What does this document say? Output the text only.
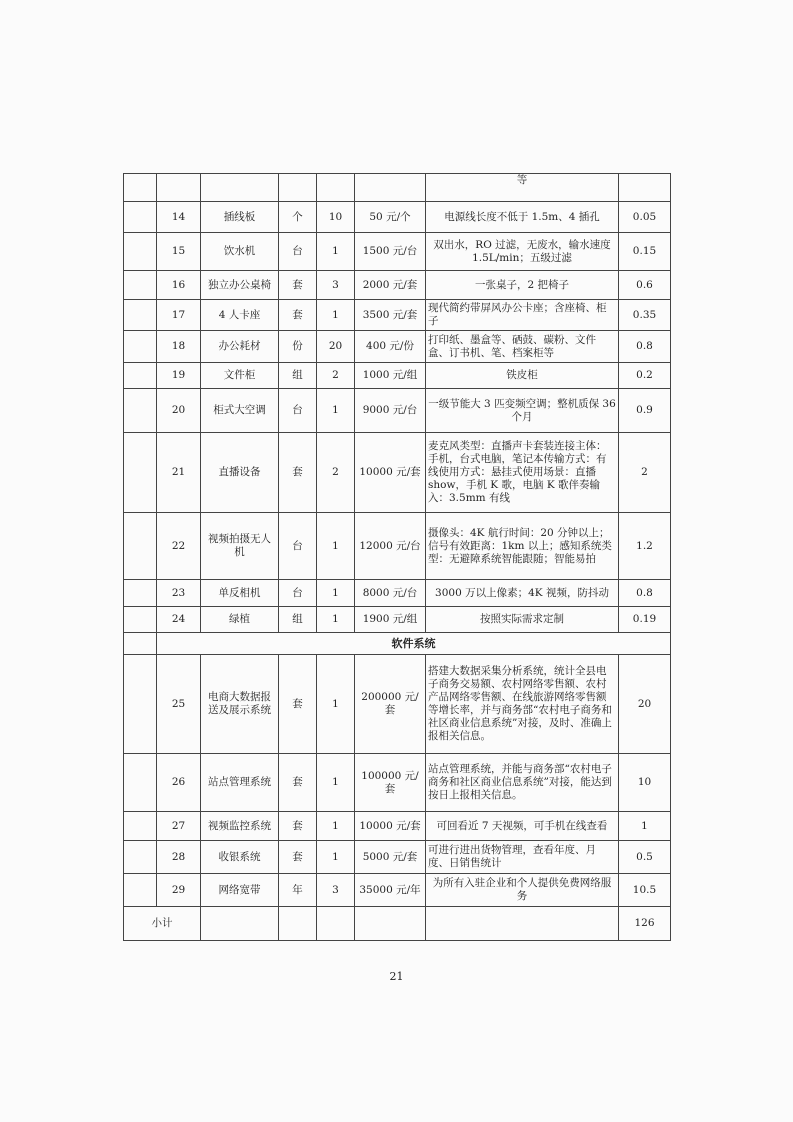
						等	
	14	插线板	个	10	50 元/个	电源线长度不低于 1.5m、4 插孔	0.05
	15	饮水机	台	1	1500 元/台	双出水，RO 过滤，无废水，输水速度 1.5L/min；五级过滤	0.15
	16	独立办公桌椅	套	3	2000 元/套	一张桌子，2 把椅子	0.6
	17	4 人卡座	套	1	3500 元/套	现代简约带屏风办公卡座；含座椅、柜子	0.35
	18	办公耗材	份	20	400 元/份	打印纸、墨盒等、硒鼓、碳粉、文件盒、订书机、笔、档案柜等	0.8
	19	文件柜	组	2	1000 元/组	铁皮柜	0.2
	20	柜式大空调	台	1	9000 元/台	一级节能大 3 匹变频空调；整机质保 36 个月	0.9
	21	直播设备	套	2	10000 元/套	麦克风类型：直播声卡套装连接主体：手机，台式电脑，笔记本传输方式：有线使用方式：悬挂式使用场景：直播 show，手机 K 歌，电脑 K 歌伴奏输入：3.5mm 有线	2
	22	视频拍摄无人机	台	1	12000 元/台	摄像头：4K 航行时间：20 分钟以上；信号有效距离：1km 以上；感知系统类型：无避障系统智能跟随；智能易拍	1.2
	23	单反相机	台	1	8000 元/台	3000 万以上像素；4K 视频，防抖动	0.8
	24	绿植	组	1	1900 元/组	按照实际需求定制	0.19
	软件系统						
	25	电商大数据报送及展示系统	套	1	200000 元/套	搭建大数据采集分析系统，统计全县电子商务交易额、农村网络零售额、农村产品网络零售额、在线旅游网络零售额等增长率，并与商务部“农村电子商务和社区商业信息系统”对接，及时、准确上报相关信息。	20
	26	站点管理系统	套	1	100000 元/套	站点管理系统，并能与商务部“农村电子商务和社区商业信息系统”对接，能达到按日上报相关信息。	10
	27	视频监控系统	套	1	10000 元/套	可回看近 7 天视频，可手机在线查看	1
	28	收银系统	套	1	5000 元/套	可进行进出货物管理，查看年度、月度、日销售统计	0.5
	29	网络宽带	年	3	35000 元/年	为所有入驻企业和个人提供免费网络服务	10.5
小计							126
21
